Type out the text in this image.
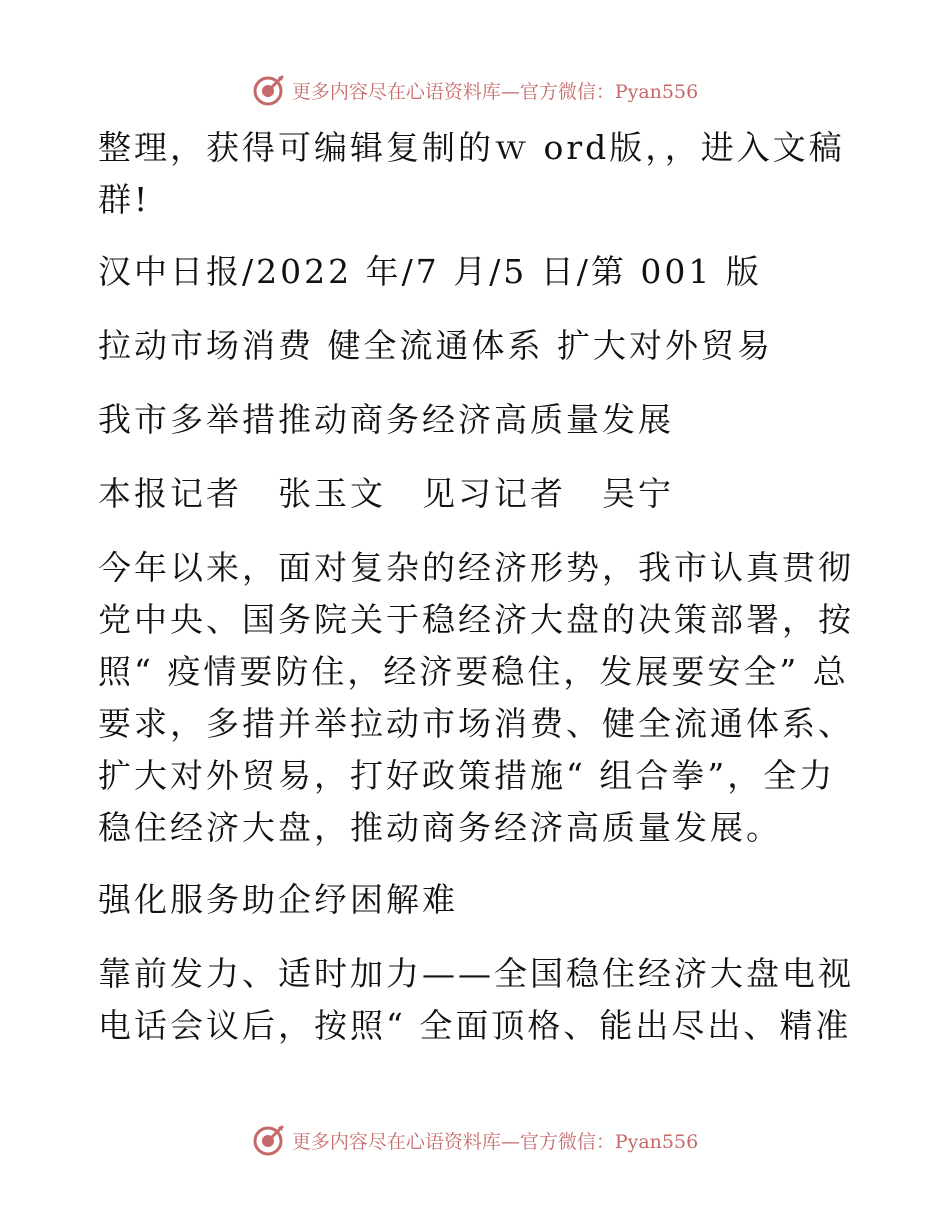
更多内容尽在心语资料库—官方微信：Pyan556

整理，获得可编辑复制的ｗ ord版，，进入文稿群!

汉中日报/2022 年/7 月/5 日/第 001 版

拉动市场消费 健全流通体系 扩大对外贸易

我市多举措推动商务经济高质量发展

本报记者　张玉文　见习记者　吴宁

今年以来，面对复杂的经济形势，我市认真贯彻党中央、国务院关于稳经济大盘的决策部署，按照“ 疫情要防住，经济要稳住，发展要安全” 总要求，多措并举拉动市场消费、健全流通体系、扩大对外贸易，打好政策措施“ 组合拳”，全力稳住经济大盘，推动商务经济高质量发展。

强化服务助企纾困解难

靠前发力、适时加力——全国稳住经济大盘电视电话会议后，按照“ 全面顶格、能出尽出、精准

更多内容尽在心语资料库—官方微信：Pyan556
